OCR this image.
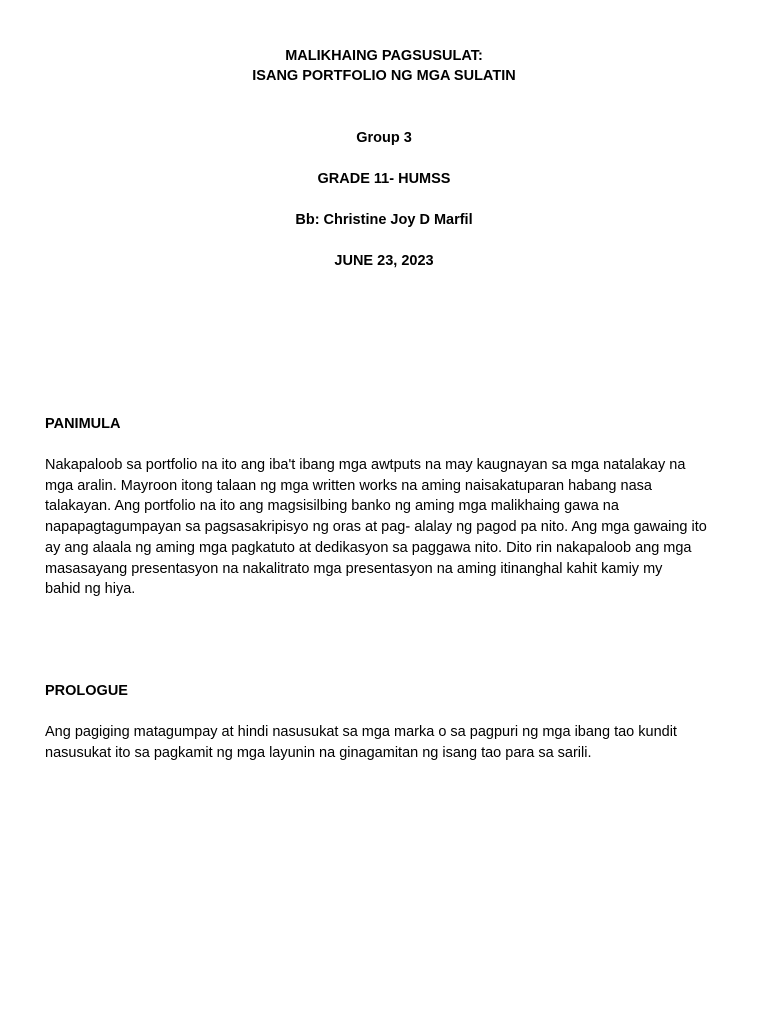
MALIKHAING PAGSUSULAT:
ISANG PORTFOLIO NG MGA SULATIN
Group 3
GRADE 11- HUMSS
Bb: Christine Joy D Marfil
JUNE 23, 2023
PANIMULA
Nakapaloob sa portfolio na ito ang iba't ibang mga awtputs na may kaugnayan sa mga natalakay na
mga aralin. Mayroon itong talaan ng mga written works na aming naisakatuparan habang nasa
talakayan. Ang portfolio na ito ang magsisilbing banko ng aming mga malikhaing gawa na
napapagtagumpayan sa pagsasakripisyo ng oras at pag- alalay ng pagod pa nito. Ang mga gawaing ito
ay ang alaala ng aming mga pagkatuto at dedikasyon sa paggawa nito. Dito rin nakapaloob ang mga
masasayang presentasyon na nakalitrato mga presentasyon na aming itinanghal kahit kamiy my
bahid ng hiya.
PROLOGUE
Ang pagiging matagumpay at hindi nasusukat sa mga marka o sa pagpuri ng mga ibang tao kundit
nasusukat ito sa pagkamit ng mga layunin na ginagamitan ng isang tao para sa sarili.
